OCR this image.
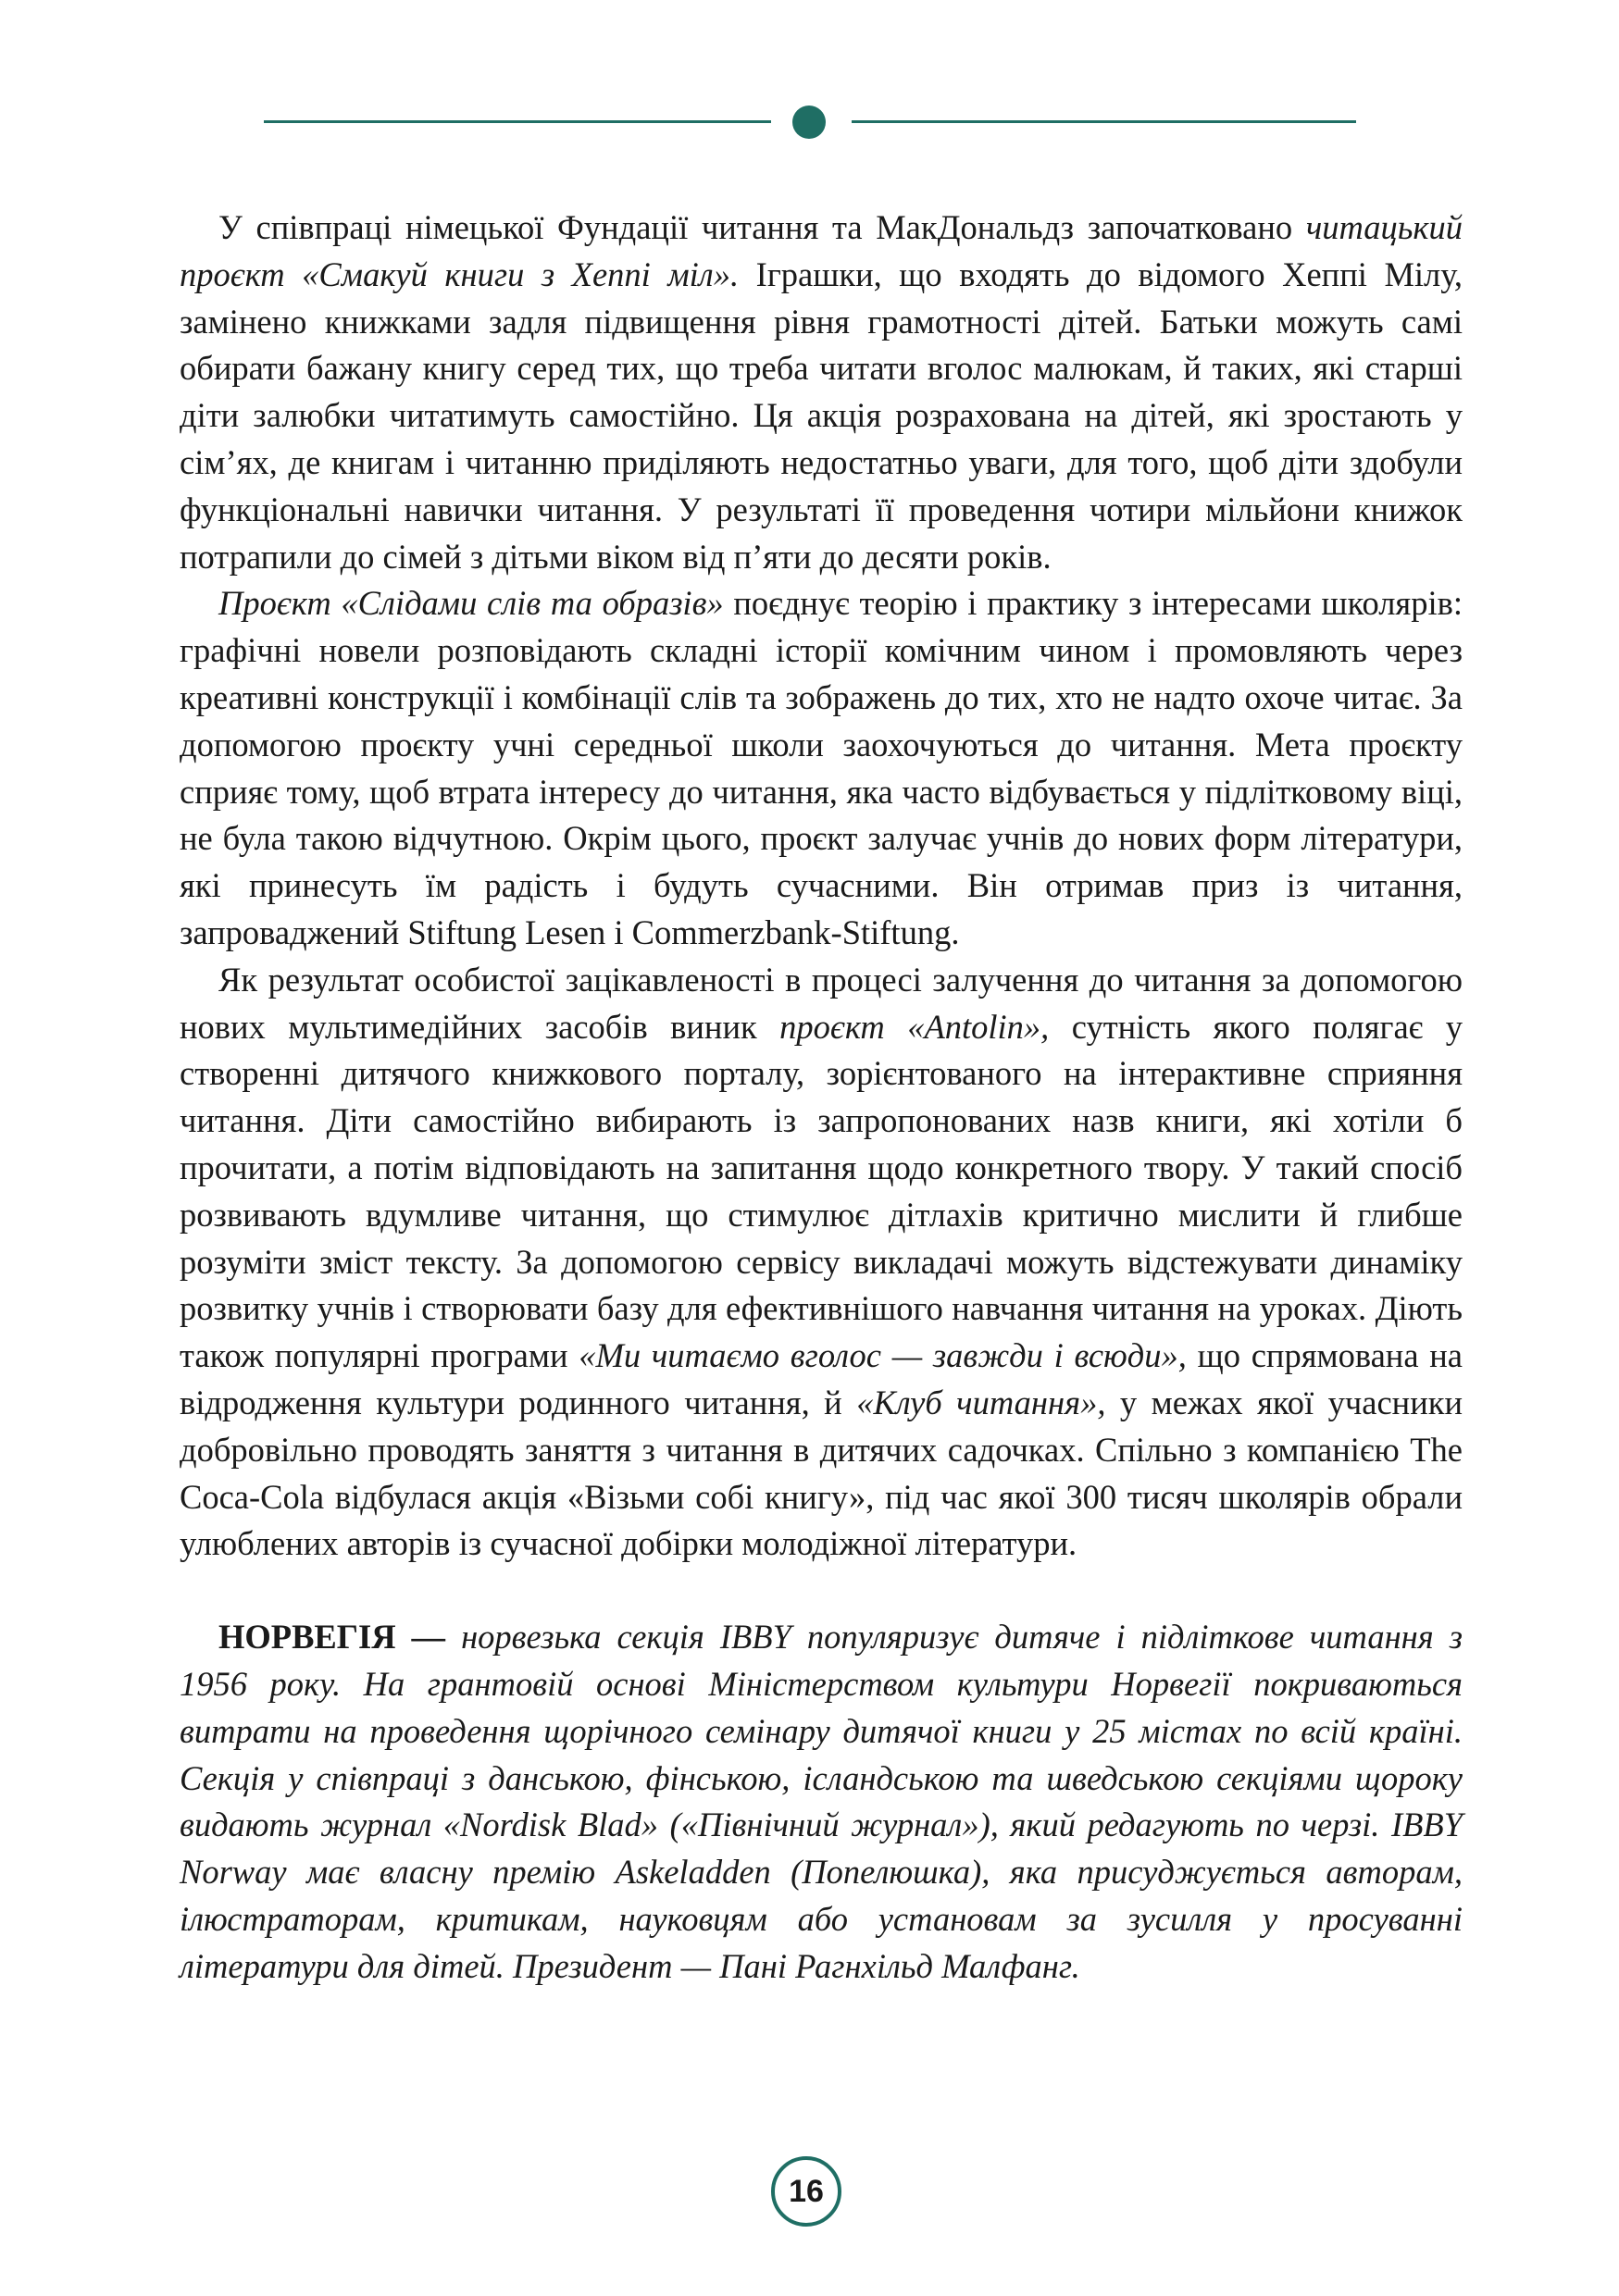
У співпраці німецької Фундації читання та МакДональдз започатковано читацький проєкт «Смакуй книги з Хеппі міл». Іграшки, що входять до відомого Хеппі Мілу, замінено книжками задля підвищення рівня грамотності дітей. Батьки можуть самі обирати бажану книгу серед тих, що треба читати вголос малюкам, й таких, які старші діти залюбки читатимуть самостійно. Ця акція розрахована на дітей, які зростають у сім’ях, де книгам і читанню приділяють недостатньо уваги, для того, щоб діти здобули функціональні навички читання. У результаті її проведення чотири мільйони книжок потрапили до сімей з дітьми віком від п’яти до десяти років.

Проєкт «Слідами слів та образів» поєднує теорію і практику з інтересами школярів: графічні новели розповідають складні історії комічним чином і промовляють через креативні конструкції і комбінації слів та зображень до тих, хто не надто охоче читає. За допомогою проєкту учні середньої школи заохочуються до читання. Мета проєкту сприяє тому, щоб втрата інтересу до читання, яка часто відбувається у підлітковому віці, не була такою відчутною. Окрім цього, проєкт залучає учнів до нових форм літератури, які принесуть їм радість і будуть сучасними. Він отримав приз із читання, запроваджений Stiftung Lesen і Commerzbank-Stiftung.

Як результат особистої зацікавленості в процесі залучення до читання за допомогою нових мультимедійних засобів виник проєкт «Antolin», сутність якого полягає у створенні дитячого книжкового порталу, зорієнтованого на інтерактивне сприяння читання. Діти самостійно вибирають із запропонованих назв книги, які хотіли б прочитати, а потім відповідають на запитання щодо конкретного твору. У такий спосіб розвивають вдумливе читання, що стимулює дітлахів критично мислити й глибше розуміти зміст тексту. За допомогою сервісу викладачі можуть відстежувати динаміку розвитку учнів і створювати базу для ефективнішого навчання читання на уроках. Діють також популярні програми «Ми читаємо вголос — завжди і всюди», що спрямована на відродження культури родинного читання, й «Клуб читання», у межах якої учасники добровільно проводять заняття з читання в дитячих садочках. Спільно з компанією The Coca-Cola відбулася акція «Візьми собі книгу», під час якої 300 тисяч школярів обрали улюблених авторів із сучасної добірки молодіжної літератури.

НОРВЕГІЯ — норвезька секція IBBY популяризує дитяче і підліткове читання з 1956 року. На грантовій основі Міністерством культури Норвегії покриваються витрати на проведення щорічного семінару дитячої книги у 25 містах по всій країні. Секція у співпраці з данською, фінською, ісландською та шведською секціями щороку видають журнал «Nordisk Blad» («Північний журнал»), який редагують по черзі. IBBY Norway має власну премію Askeladden (Попелюшка), яка присуджується авторам, ілюстраторам, критикам, науковцям або установам за зусилля у просуванні літератури для дітей. Президент — Пані Рагнхільд Малфанг.

16
